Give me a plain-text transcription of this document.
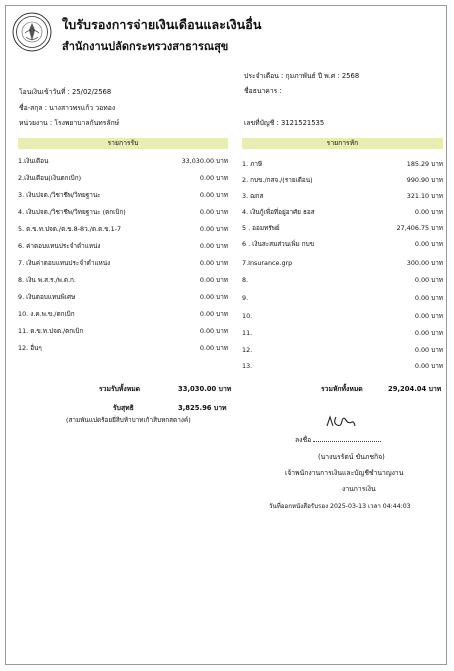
ใบรับรองการจ่ายเงินเดือนและเงินอื่น
สำนักงานปลัดกระทรวงสาธารณสุข
ประจำเดือน : กุมภาพันธ์ ปี พ.ศ : 2568
ชื่อธนาคาร :
โอนเงินเข้าวันที่ : 25/02/2568
ชื่อ-สกุล : นางสาวพรแก้ว วอทอง
หน่วยงาน : โรงพยาบาลกันทรลักษ์	เลขที่บัญชี : 3121521535
รายการรับ	รายการหัก
1.เงินเดือน	33,030.00 บาท
2.เงินเดือน(เงินตกเบิก)	0.00 บาท
3. เงินปจต./วิชาชีพ/วิทยฐานะ	0.00 บาท
4. เงินปจต./วิชาชีพ/วิทยฐานะ (ตกเบิก)	0.00 บาท
5. ต.ข.ท.ปจต./ต.ข.8-8ว./ต.ต.ข.1-7	0.00 บาท
6. ค่าตอบแทนประจำตำแหน่ง	0.00 บาท
7. เงินค่าตอบแทนประจำตำแหน่ง	0.00 บาท
8. เงิน พ.ส.ร./พ.ต.ก.	0.00 บาท
9. เงินตอบแทนพิเศษ	0.00 บาท
10. ง.ค.พ.ข./ตกเบิก	0.00 บาท
11. ต.ข.ท.ปจต./ตกเบิก	0.00 บาท
12. อื่นๆ	0.00 บาท
1. ภาษี	185.29 บาท
2. กบข./กสจ./(รายเดือน)	990.90 บาท
3. ฌกส	321.10 บาท
4. เงินกู้เพื่อที่อยู่อาศัย ธอส	0.00 บาท
5 . ออมทรัพย์	27,406.75 บาท
6 . เงินสะสมส่วนเพิ่ม กบข	0.00 บาท
7.Insurance.grp	300.00 บาท
8.	0.00 บาท
9.	0.00 บาท
10.	0.00 บาท
11.	0.00 บาท
12.	0.00 บาท
13.	0.00 บาท
รวมรับทั้งหมด	33,030.00 บาท	รวมหักทั้งหมด	29,204.04 บาท
รับสุทธิ	3,825.96 บาท
(สามพันแปดร้อยยี่สิบห้าบาทเก้าสิบหกสตางค์)
ลงชื่อ
(นางนรรัตน์ ขันภชกิจ)
เจ้าพนักงานการเงินและบัญชีชำนาญงาน
งานการเงิน
วันที่ออกหนังสือรับรอง 2025-03-13 เวลา 04:44:03
